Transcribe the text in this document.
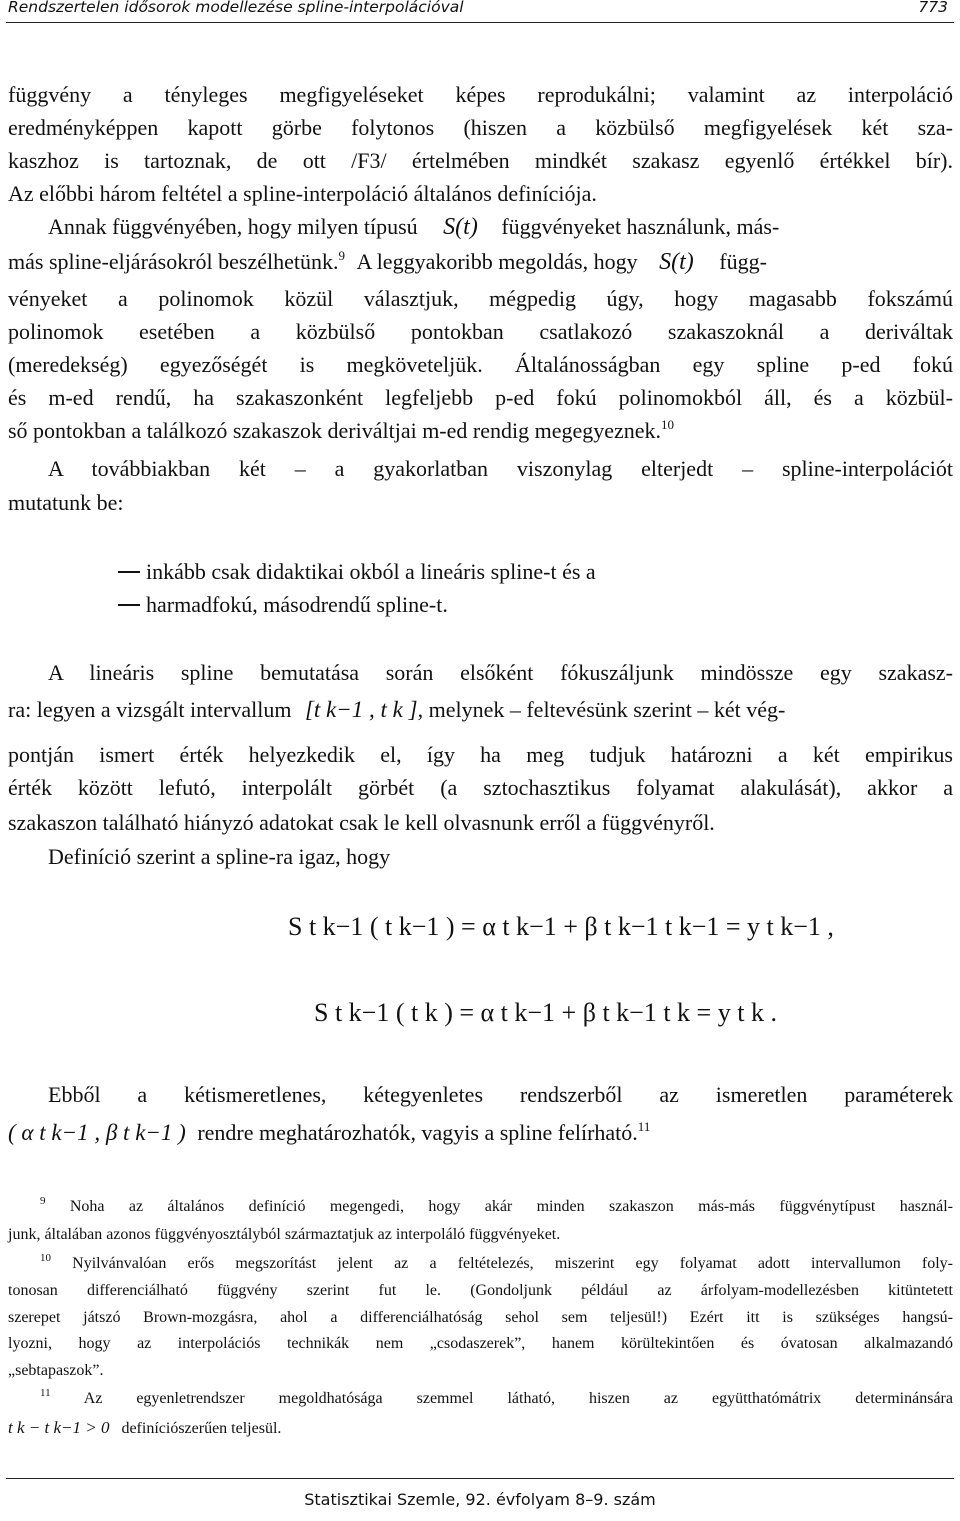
Rendszertelen idősorok modellezése spline-interpolációval	773
függvény a tényleges megfigyeléseket képes reprodukálni; valamint az interpoláció
eredményképpen kapott görbe folytonos (hiszen a közbülső megfigyelések két sza-
kaszhoz is tartoznak, de ott /F3/ értelmében mindkét szakasz egyenlő értékkel bír).
Az előbbi három feltétel a spline-interpoláció általános definíciója.
Annak függvényében, hogy milyen típusú S(t) függvényeket használunk, más-
más spline-eljárásokról beszélhetünk.$^9$ A leggyakoribb megoldás, hogy S(t) függ-
vényeket a polinomok közül választjuk, mégpedig úgy, hogy magasabb fokszámú
polinomok esetében a közbülső pontokban csatlakozó szakaszoknál a deriváltak
(meredekség) egyezőségét is megköveteljük. Általánosságban egy spline p-ed fokú
és m-ed rendű, ha szakaszonként legfeljebb p-ed fokú polinomokból áll, és a közbül-
ső pontokban a találkozó szakaszok deriváltjai m-ed rendig megegyeznek.$^{10}$
A továbbiakban két – a gyakorlatban viszonylag elterjedt – spline-interpolációt
mutatunk be:
inkább csak didaktikai okból a lineáris spline-t és a
harmadfokú, másodrendű spline-t.
A lineáris spline bemutatása során elsőként fókuszáljunk mindössze egy szakasz-
ra: legyen a vizsgált intervallum [t k−1 , t k ], melynek – feltevésünk szerint – két vég-
pontján ismert érték helyezkedik el, így ha meg tudjuk határozni a két empirikus
érték között lefutó, interpolált görbét (a sztochasztikus folyamat alakulását), akkor a
szakaszon található hiányzó adatokat csak le kell olvasnunk erről a függvényről.
Definíció szerint a spline-ra igaz, hogy
S t k−1 ( t k−1 ) = α t k−1 + β t k−1 t k−1 = y t k−1 ,
S t k−1 ( t k ) = α t k−1 + β t k−1 t k = y t k .
Ebből a kétismeretlenes, kétegyenletes rendszerből az ismeretlen paraméterek
( α t k−1 , β t k−1 ) rendre meghatározhatók, vagyis a spline felírható.$^{11}$
$^9$ Noha az általános definíció megengedi, hogy akár minden szakaszon más-más függvénytípust használ-
junk, általában azonos függvényosztályból származtatjuk az interpoláló függvényeket.
$^{10}$ Nyilvánvalóan erős megszorítást jelent az a feltételezés, miszerint egy folyamat adott intervallumon foly-
tonosan differenciálható függvény szerint fut le. (Gondoljunk például az árfolyam-modellezésben kitüntetett
szerepet játszó Brown-mozgásra, ahol a differenciálhatóság sehol sem teljesül!) Ezért itt is szükséges hangsú-
lyozni, hogy az interpolációs technikák nem „csodaszerek”, hanem körültekintően és óvatosan alkalmazandó
„sebtapaszok”.
$^{11}$ Az egyenletrendszer megoldhatósága szemmel látható, hiszen az együtthatómátrix determinánsára
t k − t k−1 > 0 definíciószerűen teljesül.
Statisztikai Szemle, 92. évfolyam 8–9. szám
